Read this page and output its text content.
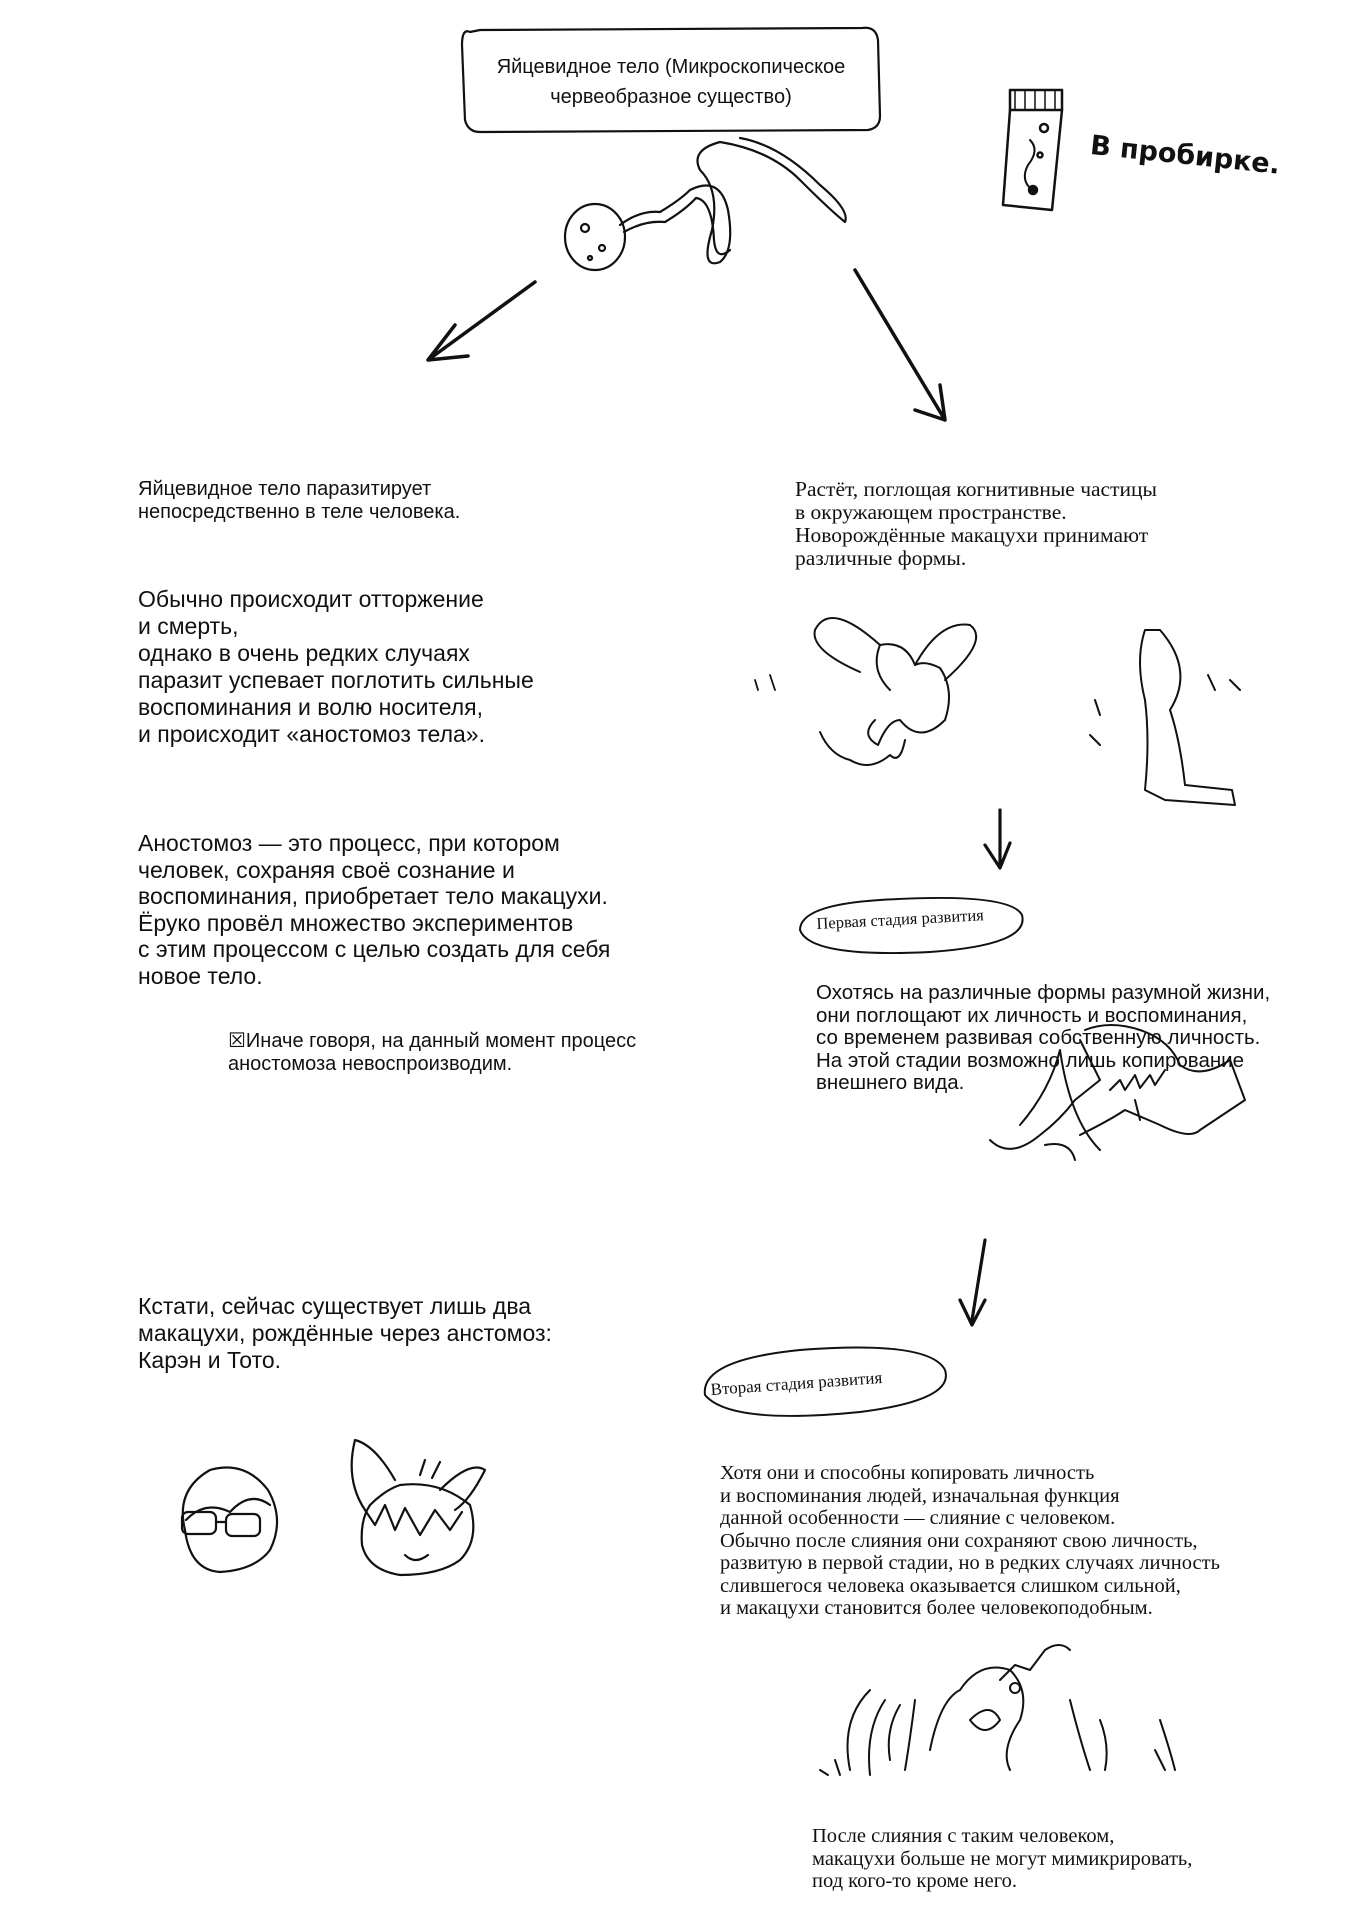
Яйцевидное тело (Микроскопическое
червеобразное существо)
В пробирке.
Яйцевидное тело паразитирует
непосредственно в теле человека.
Обычно происходит отторжение
и смерть,
однако в очень редких случаях
паразит успевает поглотить сильные
воспоминания и волю носителя,
и происходит «аностомоз тела».
Аностомоз — это процесс, при котором
человек, сохраняя своё сознание и
воспоминания, приобретает тело макацухи.
Ёруко провёл множество экспериментов
с этим процессом с целью создать для себя
новое тело.
☒Иначе говоря, на данный момент процесс
аностомоза невоспроизводим.
Кстати, сейчас существует лишь два
макацухи, рождённые через анстомоз:
Карэн и Тото.
Растёт, поглощая когнитивные частицы
в окружающем пространстве.
Новорождённые макацухи принимают
различные формы.
Первая стадия развития
Охотясь на различные формы разумной жизни,
они поглощают их личность и воспоминания,
со временем развивая собственную личность.
На этой стадии возможно лишь копирование
внешнего вида.
Вторая стадия развития
Хотя они и способны копировать личность
и воспоминания людей, изначальная функция
данной особенности — слияние с человеком.
Обычно после слияния они сохраняют свою личность,
развитую в первой стадии, но в редких случаях личность
слившегося человека оказывается слишком сильной,
и макацухи становится более человекоподобным.
После слияния с таким человеком,
макацухи больше не могут мимикрировать,
под кого-то кроме него.
